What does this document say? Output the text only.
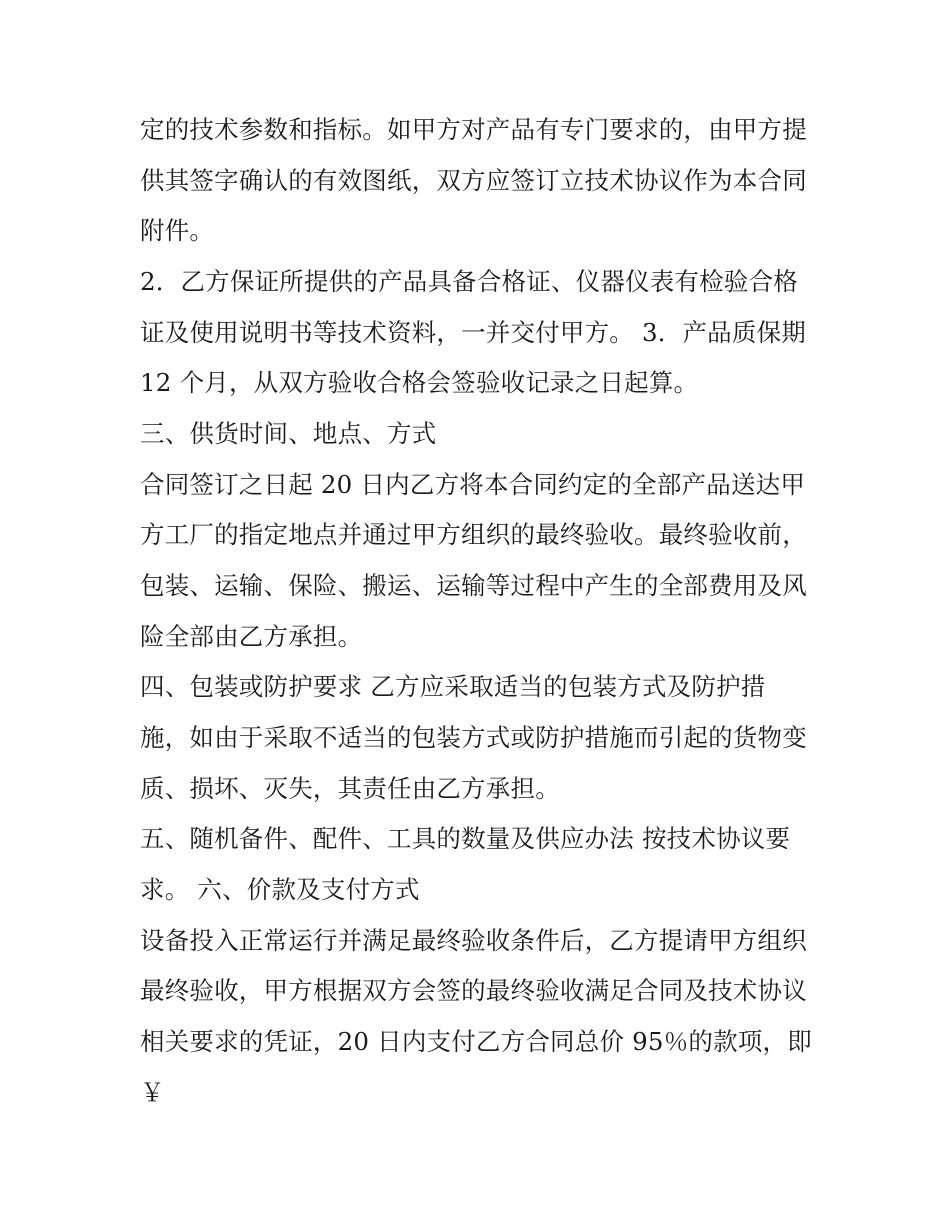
定的技术参数和指标。如甲方对产品有专门要求的，由甲方提
供其签字确认的有效图纸，双方应签订立技术协议作为本合同
附件。
2．乙方保证所提供的产品具备合格证、仪器仪表有检验合格
证及使用说明书等技术资料，一并交付甲方。 3．产品质保期
12 个月，从双方验收合格会签验收记录之日起算。
三、供货时间、地点、方式
合同签订之日起 20 日内乙方将本合同约定的全部产品送达甲
方工厂的指定地点并通过甲方组织的最终验收。最终验收前，
包装、运输、保险、搬运、运输等过程中产生的全部费用及风
险全部由乙方承担。
四、包装或防护要求 乙方应采取适当的包装方式及防护措
施，如由于采取不适当的包装方式或防护措施而引起的货物变
质、损坏、灭失，其责任由乙方承担。
五、随机备件、配件、工具的数量及供应办法 按技术协议要
求。 六、价款及支付方式
设备投入正常运行并满足最终验收条件后，乙方提请甲方组织
最终验收，甲方根据双方会签的最终验收满足合同及技术协议
相关要求的凭证，20 日内支付乙方合同总价 95％的款项，即
￥
